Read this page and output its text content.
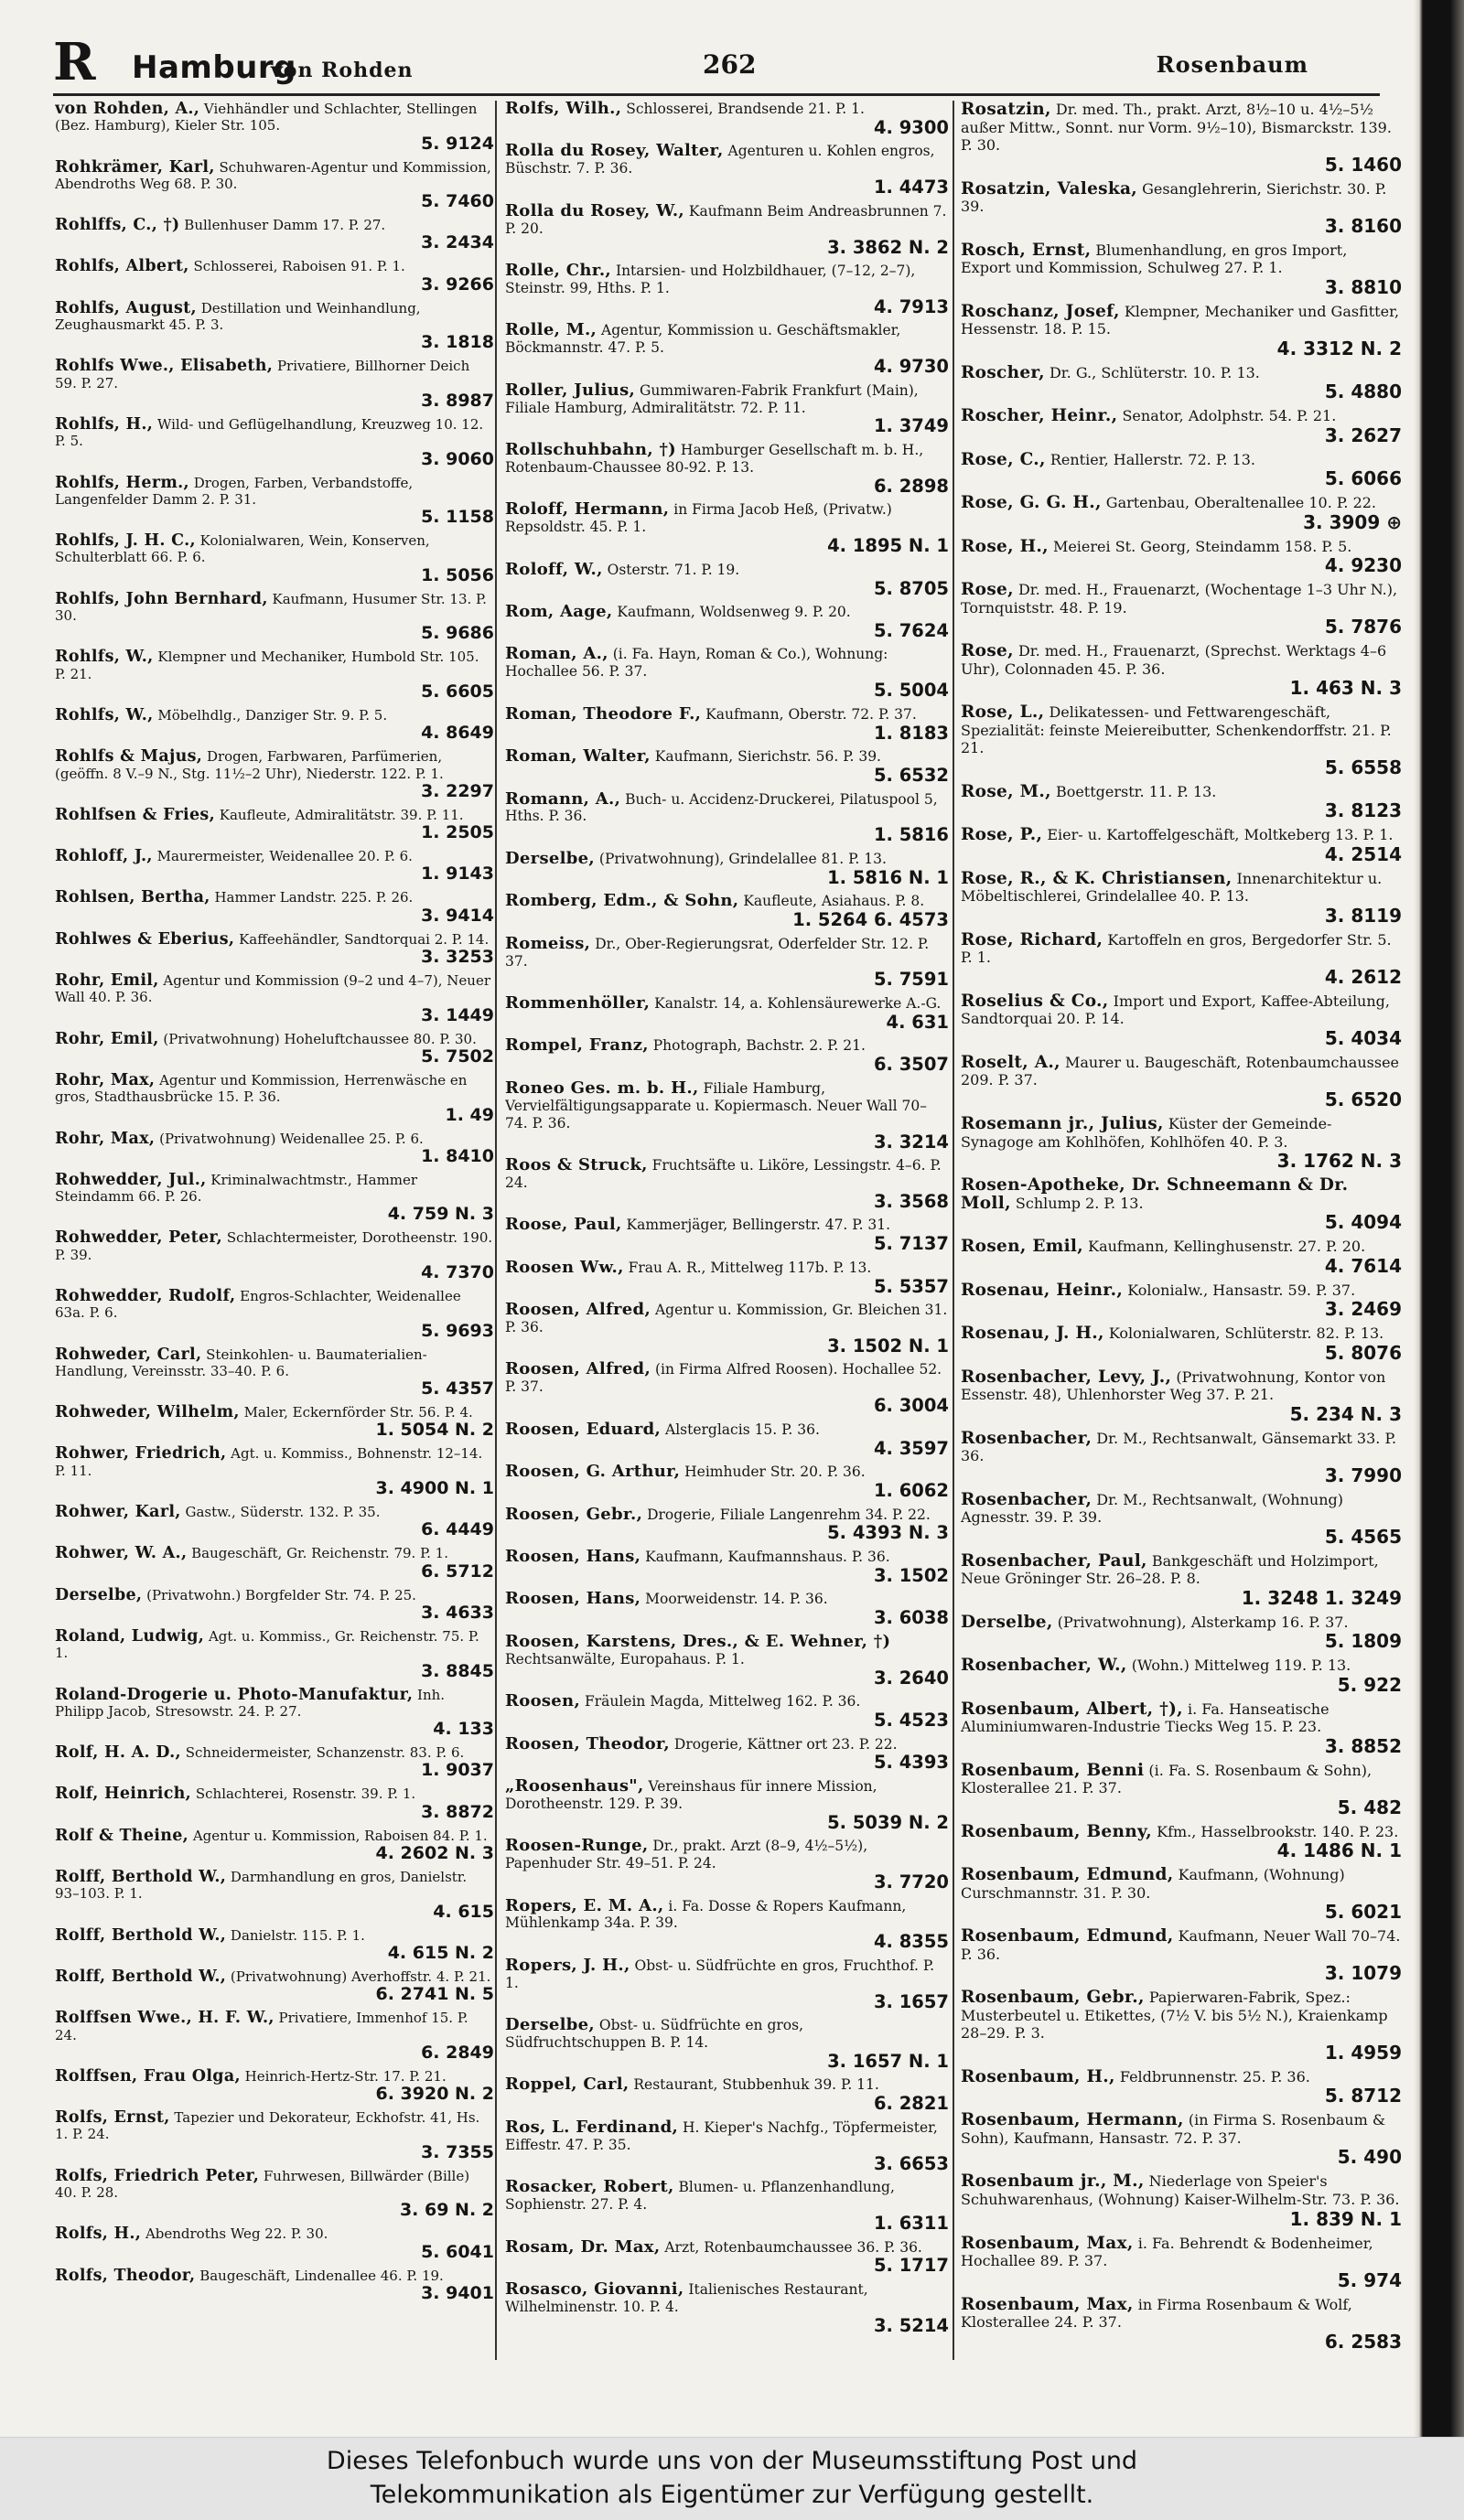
R Hamburg
von Rohden	262	Rosenbaum
von Rohden, A., Viehhändler und Schlachter, Stellingen (Bez. Hamburg), Kieler Str. 105.
5. 9124
Rohkrämer, Karl, Schuhwaren-Agentur und Kommission, Abendroths Weg 68. P. 30.
5. 7460
Rohlffs, C., †) Bullenhuser Damm 17. P. 27.
3. 2434
Rohlfs, Albert, Schlosserei, Raboisen 91. P. 1.
3. 9266
Rohlfs, August, Destillation und Weinhandlung, Zeughausmarkt 45. P. 3.
3. 1818
Rohlfs Wwe., Elisabeth, Privatiere, Billhorner Deich 59. P. 27.
3. 8987
Rohlfs, H., Wild- und Geflügelhandlung, Kreuzweg 10. 12. P. 5.
3. 9060
Rohlfs, Herm., Drogen, Farben, Verbandstoffe, Langenfelder Damm 2. P. 31.
5. 1158
Rohlfs, J. H. C., Kolonialwaren, Wein, Konserven, Schulterblatt 66. P. 6.
1. 5056
Rohlfs, John Bernhard, Kaufmann, Husumer Str. 13. P. 30.
5. 9686
Rohlfs, W., Klempner und Mechaniker, Humbold Str. 105. P. 21.
5. 6605
Rohlfs, W., Möbelhdlg., Danziger Str. 9. P. 5.
4. 8649
Rohlfs & Majus, Drogen, Farbwaren, Parfümerien, (geöffn. 8 V.–9 N., Stg. 11½–2 Uhr), Niederstr. 122. P. 1.
3. 2297
Rohlfsen & Fries, Kaufleute, Admiralitätstr. 39. P. 11.
1. 2505
Rohloff, J., Maurermeister, Weidenallee 20. P. 6.
1. 9143
Rohlsen, Bertha, Hammer Landstr. 225. P. 26.
3. 9414
Rohlwes & Eberius, Kaffeehändler, Sandtorquai 2. P. 14.
3. 3253
Rohr, Emil, Agentur und Kommission (9–2 und 4–7), Neuer Wall 40. P. 36.
3. 1449
Rohr, Emil, (Privatwohnung) Hoheluftchaussee 80. P. 30.
5. 7502
Rohr, Max, Agentur und Kommission, Herrenwäsche en gros, Stadthausbrücke 15. P. 36.
1. 49
Rohr, Max, (Privatwohnung) Weidenallee 25. P. 6.
1. 8410
Rohwedder, Jul., Kriminalwachtmstr., Hammer Steindamm 66. P. 26.
4. 759 N. 3
Rohwedder, Peter, Schlachtermeister, Dorotheenstr. 190. P. 39.
4. 7370
Rohwedder, Rudolf, Engros-Schlachter, Weidenallee 63a. P. 6.
5. 9693
Rohweder, Carl, Steinkohlen- u. Baumaterialien-Handlung, Vereinsstr. 33–40. P. 6.
5. 4357
Rohweder, Wilhelm, Maler, Eckernförder Str. 56. P. 4.
1. 5054 N. 2
Rohwer, Friedrich, Agt. u. Kommiss., Bohnenstr. 12–14. P. 11.
3. 4900 N. 1
Rohwer, Karl, Gastw., Süderstr. 132. P. 35.
6. 4449
Rohwer, W. A., Baugeschäft, Gr. Reichenstr. 79. P. 1.
6. 5712
Derselbe, (Privatwohn.) Borgfelder Str. 74. P. 25.
3. 4633
Roland, Ludwig, Agt. u. Kommiss., Gr. Reichenstr. 75. P. 1.
3. 8845
Roland-Drogerie u. Photo-Manufaktur, Inh. Philipp Jacob, Stresowstr. 24. P. 27.
4. 133
Rolf, H. A. D., Schneidermeister, Schanzenstr. 83. P. 6.
1. 9037
Rolf, Heinrich, Schlachterei, Rosenstr. 39. P. 1.
3. 8872
Rolf & Theine, Agentur u. Kommission, Raboisen 84. P. 1.
4. 2602 N. 3
Rolff, Berthold W., Darmhandlung en gros, Danielstr. 93–103. P. 1.
4. 615
Rolff, Berthold W., Danielstr. 115. P. 1.
4. 615 N. 2
Rolff, Berthold W., (Privatwohnung) Averhoffstr. 4. P. 21.
6. 2741 N. 5
Rolffsen Wwe., H. F. W., Privatiere, Immenhof 15. P. 24.
6. 2849
Rolffsen, Frau Olga, Heinrich-Hertz-Str. 17. P. 21.
6. 3920 N. 2
Rolfs, Ernst, Tapezier und Dekorateur, Eckhofstr. 41, Hs. 1. P. 24.
3. 7355
Rolfs, Friedrich Peter, Fuhrwesen, Billwärder (Bille) 40. P. 28.
3. 69 N. 2
Rolfs, H., Abendroths Weg 22. P. 30.
5. 6041
Rolfs, Theodor, Baugeschäft, Lindenallee 46. P. 19.
3. 9401
Rolfs, Wilh., Schlosserei, Brandsende 21. P. 1.
4. 9300
Rolla du Rosey, Walter, Agenturen u. Kohlen engros, Büschstr. 7. P. 36.
1. 4473
Rolla du Rosey, W., Kaufmann Beim Andreasbrunnen 7. P. 20.
3. 3862 N. 2
Rolle, Chr., Intarsien- und Holzbildhauer, (7–12, 2–7), Steinstr. 99, Hths. P. 1.
4. 7913
Rolle, M., Agentur, Kommission u. Geschäftsmakler, Böckmannstr. 47. P. 5.
4. 9730
Roller, Julius, Gummiwaren-Fabrik Frankfurt (Main), Filiale Hamburg, Admiralitätstr. 72. P. 11.
1. 3749
Rollschuhbahn, †) Hamburger Gesellschaft m. b. H., Rotenbaum-Chaussee 80-92. P. 13.
6. 2898
Roloff, Hermann, in Firma Jacob Heß, (Privatw.) Repsoldstr. 45. P. 1.
4. 1895 N. 1
Roloff, W., Osterstr. 71. P. 19.
5. 8705
Rom, Aage, Kaufmann, Woldsenweg 9. P. 20.
5. 7624
Roman, A., (i. Fa. Hayn, Roman & Co.), Wohnung: Hochallee 56. P. 37.
5. 5004
Roman, Theodore F., Kaufmann, Oberstr. 72. P. 37.
1. 8183
Roman, Walter, Kaufmann, Sierichstr. 56. P. 39.
5. 6532
Romann, A., Buch- u. Accidenz-Druckerei, Pilatuspool 5, Hths. P. 36.
1. 5816
Derselbe, (Privatwohnung), Grindelallee 81. P. 13.
1. 5816 N. 1
Romberg, Edm., & Sohn, Kaufleute, Asiahaus. P. 8.
1. 5264 6. 4573
Romeiss, Dr., Ober-Regierungsrat, Oderfelder Str. 12. P. 37.
5. 7591
Rommenhöller, Kanalstr. 14, a. Kohlensäurewerke A.-G.
4. 631
Rompel, Franz, Photograph, Bachstr. 2. P. 21.
6. 3507
Roneo Ges. m. b. H., Filiale Hamburg, Vervielfältigungsapparate u. Kopiermasch. Neuer Wall 70–74. P. 36.
3. 3214
Roos & Struck, Fruchtsäfte u. Liköre, Lessingstr. 4–6. P. 24.
3. 3568
Roose, Paul, Kammerjäger, Bellingerstr. 47. P. 31.
5. 7137
Roosen Ww., Frau A. R., Mittelweg 117b. P. 13.
5. 5357
Roosen, Alfred, Agentur u. Kommission, Gr. Bleichen 31. P. 36.
3. 1502 N. 1
Roosen, Alfred, (in Firma Alfred Roosen). Hochallee 52. P. 37.
6. 3004
Roosen, Eduard, Alsterglacis 15. P. 36.
4. 3597
Roosen, G. Arthur, Heimhuder Str. 20. P. 36.
1. 6062
Roosen, Gebr., Drogerie, Filiale Langenrehm 34. P. 22.
5. 4393 N. 3
Roosen, Hans, Kaufmann, Kaufmannshaus. P. 36.
3. 1502
Roosen, Hans, Moorweidenstr. 14. P. 36.
3. 6038
Roosen, Karstens, Dres., & E. Wehner, †) Rechtsanwälte, Europahaus. P. 1.
3. 2640
Roosen, Fräulein Magda, Mittelweg 162. P. 36.
5. 4523
Roosen, Theodor, Drogerie, Kättner ort 23. P. 22.
5. 4393
„Roosenhaus", Vereinshaus für innere Mission, Dorotheenstr. 129. P. 39.
5. 5039 N. 2
Roosen-Runge, Dr., prakt. Arzt (8–9, 4½–5½), Papenhuder Str. 49–51. P. 24.
3. 7720
Ropers, E. M. A., i. Fa. Dosse & Ropers Kaufmann, Mühlenkamp 34a. P. 39.
4. 8355
Ropers, J. H., Obst- u. Südfrüchte en gros, Fruchthof. P. 1.
3. 1657
Derselbe, Obst- u. Südfrüchte en gros, Südfruchtschuppen B. P. 14.
3. 1657 N. 1
Roppel, Carl, Restaurant, Stubbenhuk 39. P. 11.
6. 2821
Ros, L. Ferdinand, H. Kieper's Nachfg., Töpfermeister, Eiffestr. 47. P. 35.
3. 6653
Rosacker, Robert, Blumen- u. Pflanzenhandlung, Sophienstr. 27. P. 4.
1. 6311
Rosam, Dr. Max, Arzt, Rotenbaumchaussee 36. P. 36.
5. 1717
Rosasco, Giovanni, Italienisches Restaurant, Wilhelminenstr. 10. P. 4.
3. 5214
Rosatzin, Dr. med. Th., prakt. Arzt, 8½–10 u. 4½–5½ außer Mittw., Sonnt. nur Vorm. 9½–10), Bismarckstr. 139. P. 30.
5. 1460
Rosatzin, Valeska, Gesanglehrerin, Sierichstr. 30. P. 39.
3. 8160
Rosch, Ernst, Blumenhandlung, en gros Import, Export und Kommission, Schulweg 27. P. 1.
3. 8810
Roschanz, Josef, Klempner, Mechaniker und Gasfitter, Hessenstr. 18. P. 15.
4. 3312 N. 2
Roscher, Dr. G., Schlüterstr. 10. P. 13.
5. 4880
Roscher, Heinr., Senator, Adolphstr. 54. P. 21.
3. 2627
Rose, C., Rentier, Hallerstr. 72. P. 13.
5. 6066
Rose, G. G. H., Gartenbau, Oberaltenallee 10. P. 22.
3. 3909 ⊕
Rose, H., Meierei St. Georg, Steindamm 158. P. 5.
4. 9230
Rose, Dr. med. H., Frauenarzt, (Wochentage 1–3 Uhr N.), Tornquiststr. 48. P. 19.
5. 7876
Rose, Dr. med. H., Frauenarzt, (Sprechst. Werktags 4–6 Uhr), Colonnaden 45. P. 36.
1. 463 N. 3
Rose, L., Delikatessen- und Fettwarengeschäft, Spezialität: feinste Meiereibutter, Schenkendorffstr. 21. P. 21.
5. 6558
Rose, M., Boettgerstr. 11. P. 13.
3. 8123
Rose, P., Eier- u. Kartoffelgeschäft, Moltkeberg 13. P. 1.
4. 2514
Rose, R., & K. Christiansen, Innenarchitektur u. Möbeltischlerei, Grindelallee 40. P. 13.
3. 8119
Rose, Richard, Kartoffeln en gros, Bergedorfer Str. 5. P. 1.
4. 2612
Roselius & Co., Import und Export, Kaffee-Abteilung, Sandtorquai 20. P. 14.
5. 4034
Roselt, A., Maurer u. Baugeschäft, Rotenbaumchaussee 209. P. 37.
5. 6520
Rosemann jr., Julius, Küster der Gemeinde-Synagoge am Kohlhöfen, Kohlhöfen 40. P. 3.
3. 1762 N. 3
Rosen-Apotheke, Dr. Schneemann & Dr. Moll, Schlump 2. P. 13.
5. 4094
Rosen, Emil, Kaufmann, Kellinghusenstr. 27. P. 20.
4. 7614
Rosenau, Heinr., Kolonialw., Hansastr. 59. P. 37.
3. 2469
Rosenau, J. H., Kolonialwaren, Schlüterstr. 82. P. 13.
5. 8076
Rosenbacher, Levy, J., (Privatwohnung, Kontor von Essenstr. 48), Uhlenhorster Weg 37. P. 21.
5. 234 N. 3
Rosenbacher, Dr. M., Rechtsanwalt, Gänsemarkt 33. P. 36.
3. 7990
Rosenbacher, Dr. M., Rechtsanwalt, (Wohnung) Agnesstr. 39. P. 39.
5. 4565
Rosenbacher, Paul, Bankgeschäft und Holzimport, Neue Gröninger Str. 26–28. P. 8.
1. 3248 1. 3249
Derselbe, (Privatwohnung), Alsterkamp 16. P. 37.
5. 1809
Rosenbacher, W., (Wohn.) Mittelweg 119. P. 13.
5. 922
Rosenbaum, Albert, †), i. Fa. Hanseatische Aluminiumwaren-Industrie Tiecks Weg 15. P. 23.
3. 8852
Rosenbaum, Benni (i. Fa. S. Rosenbaum & Sohn), Klosterallee 21. P. 37.
5. 482
Rosenbaum, Benny, Kfm., Hasselbrookstr. 140. P. 23.
4. 1486 N. 1
Rosenbaum, Edmund, Kaufmann, (Wohnung) Curschmannstr. 31. P. 30.
5. 6021
Rosenbaum, Edmund, Kaufmann, Neuer Wall 70–74. P. 36.
3. 1079
Rosenbaum, Gebr., Papierwaren-Fabrik, Spez.: Musterbeutel u. Etikettes, (7½ V. bis 5½ N.), Kraienkamp 28–29. P. 3.
1. 4959
Rosenbaum, H., Feldbrunnenstr. 25. P. 36.
5. 8712
Rosenbaum, Hermann, (in Firma S. Rosenbaum & Sohn), Kaufmann, Hansastr. 72. P. 37.
5. 490
Rosenbaum jr., M., Niederlage von Speier's Schuhwarenhaus, (Wohnung) Kaiser-Wilhelm-Str. 73. P. 36.
1. 839 N. 1
Rosenbaum, Max, i. Fa. Behrendt & Bodenheimer, Hochallee 89. P. 37.
5. 974
Rosenbaum, Max, in Firma Rosenbaum & Wolf, Klosterallee 24. P. 37.
6. 2583
Dieses Telefonbuch wurde uns von der Museumsstiftung Post und
Telekommunikation als Eigentümer zur Verfügung gestellt.
